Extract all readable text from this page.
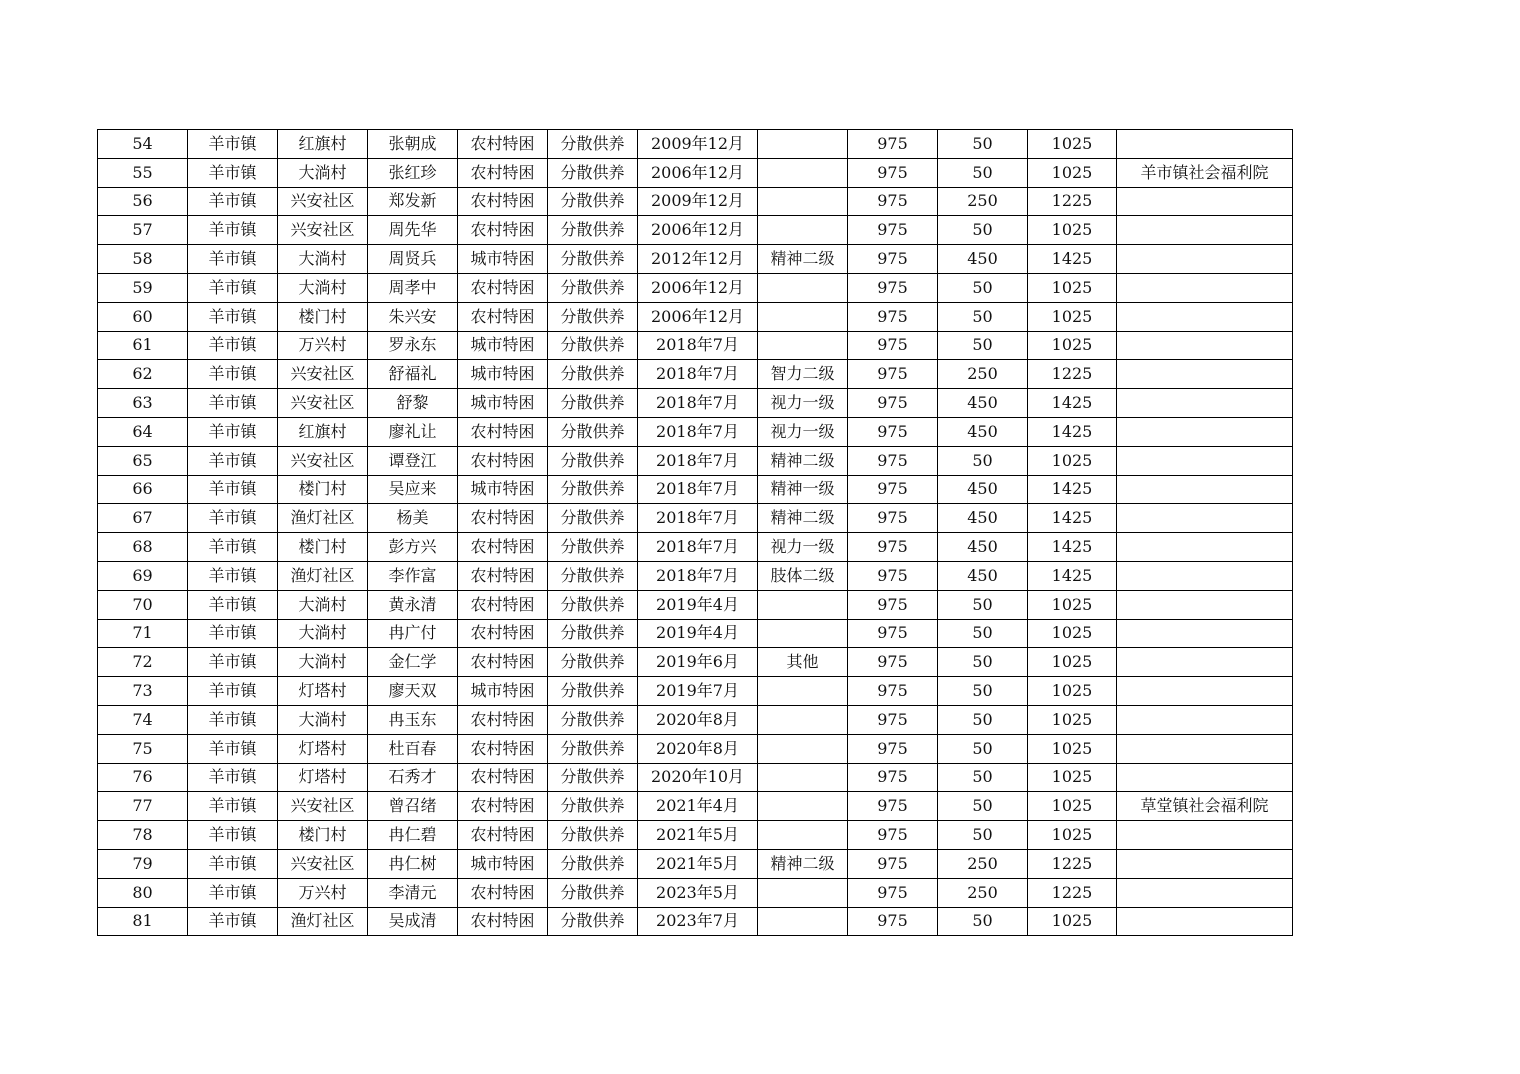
54	羊市镇	红旗村	张朝成	农村特困	分散供养	2009年12月		975	50	1025	
55	羊市镇	大淌村	张红珍	农村特困	分散供养	2006年12月		975	50	1025	羊市镇社会福利院
56	羊市镇	兴安社区	郑发新	农村特困	分散供养	2009年12月		975	250	1225	
57	羊市镇	兴安社区	周先华	农村特困	分散供养	2006年12月		975	50	1025	
58	羊市镇	大淌村	周贤兵	城市特困	分散供养	2012年12月	精神二级	975	450	1425	
59	羊市镇	大淌村	周孝中	农村特困	分散供养	2006年12月		975	50	1025	
60	羊市镇	楼门村	朱兴安	农村特困	分散供养	2006年12月		975	50	1025	
61	羊市镇	万兴村	罗永东	城市特困	分散供养	2018年7月		975	50	1025	
62	羊市镇	兴安社区	舒福礼	城市特困	分散供养	2018年7月	智力二级	975	250	1225	
63	羊市镇	兴安社区	舒黎	城市特困	分散供养	2018年7月	视力一级	975	450	1425	
64	羊市镇	红旗村	廖礼让	农村特困	分散供养	2018年7月	视力一级	975	450	1425	
65	羊市镇	兴安社区	谭登江	农村特困	分散供养	2018年7月	精神二级	975	50	1025	
66	羊市镇	楼门村	吴应来	城市特困	分散供养	2018年7月	精神一级	975	450	1425	
67	羊市镇	渔灯社区	杨美	农村特困	分散供养	2018年7月	精神二级	975	450	1425	
68	羊市镇	楼门村	彭方兴	农村特困	分散供养	2018年7月	视力一级	975	450	1425	
69	羊市镇	渔灯社区	李作富	农村特困	分散供养	2018年7月	肢体二级	975	450	1425	
70	羊市镇	大淌村	黄永清	农村特困	分散供养	2019年4月		975	50	1025	
71	羊市镇	大淌村	冉广付	农村特困	分散供养	2019年4月		975	50	1025	
72	羊市镇	大淌村	金仁学	农村特困	分散供养	2019年6月	其他	975	50	1025	
73	羊市镇	灯塔村	廖天双	城市特困	分散供养	2019年7月		975	50	1025	
74	羊市镇	大淌村	冉玉东	农村特困	分散供养	2020年8月		975	50	1025	
75	羊市镇	灯塔村	杜百春	农村特困	分散供养	2020年8月		975	50	1025	
76	羊市镇	灯塔村	石秀才	农村特困	分散供养	2020年10月		975	50	1025	
77	羊市镇	兴安社区	曾召绪	农村特困	分散供养	2021年4月		975	50	1025	草堂镇社会福利院
78	羊市镇	楼门村	冉仁碧	农村特困	分散供养	2021年5月		975	50	1025	
79	羊市镇	兴安社区	冉仁树	城市特困	分散供养	2021年5月	精神二级	975	250	1225	
80	羊市镇	万兴村	李清元	农村特困	分散供养	2023年5月		975	250	1225	
81	羊市镇	渔灯社区	吴成清	农村特困	分散供养	2023年7月		975	50	1025	
